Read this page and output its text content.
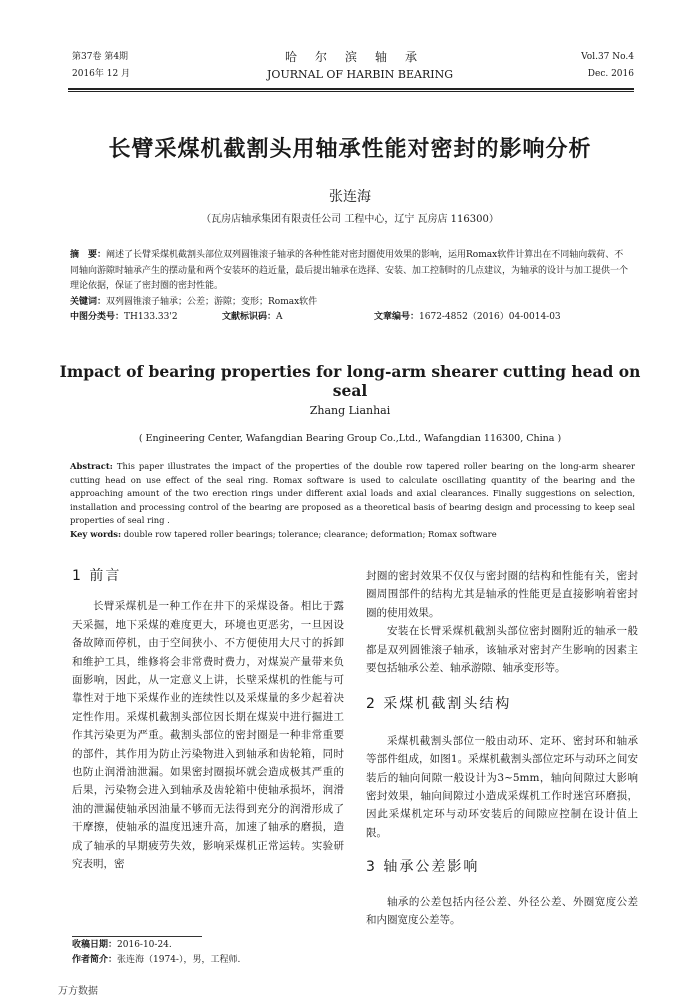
第37卷 第4期
2016年 12 月
哈尔滨轴承
JOURNAL OF HARBIN BEARING
Vol.37 No.4
Dec. 2016
长臂采煤机截割头用轴承性能对密封的影响分析
张连海
（瓦房店轴承集团有限责任公司 工程中心，辽宁 瓦房店 116300）
摘　要：阐述了长臂采煤机截割头部位双列圆锥滚子轴承的各种性能对密封圈使用效果的影响，运用Romax软件计算出在不同轴向载荷、不同轴向游隙时轴承产生的摆动量和两个安装环的趋近量，最后提出轴承在选择、安装、加工控制时的几点建议，为轴承的设计与加工提供一个理论依据，保证了密封圈的密封性能。
关键词：双列圆锥滚子轴承；公差；游隙；变形；Romax软件
中图分类号：TH133.33'2	文献标识码：A	文章编号：1672-4852（2016）04-0014-03
Impact of bearing properties for long-arm shearer cutting head on seal
Zhang Lianhai
( Engineering Center, Wafangdian Bearing Group Co.,Ltd., Wafangdian 116300, China )
Abstract: This paper illustrates the impact of the properties of the double row tapered roller bearing on the long-arm shearer cutting head on use effect of the seal ring. Romax software is used to calculate oscillating quantity of the bearing and the approaching amount of the two erection rings under different axial loads and axial clearances. Finally suggestions on selection, installation and processing control of the bearing are proposed as a theoretical basis of bearing design and processing to keep seal properties of seal ring .
Key words: double row tapered roller bearings; tolerance; clearance; deformation; Romax software
1 前言

长臂采煤机是一种工作在井下的采煤设备。相比于露天采掘，地下采煤的难度更大，环境也更恶劣，一旦因设备故障而停机，由于空间狭小、不方便使用大尺寸的拆卸和维护工具，维修将会非常费时费力，对煤炭产量带来负面影响，因此，从一定意义上讲，长壁采煤机的性能与可靠性对于地下采煤作业的连续性以及采煤量的多少起着决定性作用。采煤机截割头部位因长期在煤炭中进行掘进工作其污染更为严重。截割头部位的密封圈是一种非常重要的部件，其作用为防止污染物进入到轴承和齿轮箱，同时也防止润滑油泄漏。如果密封圈损坏就会造成极其严重的后果，污染物会进入到轴承及齿轮箱中使轴承损坏，润滑油的泄漏使轴承因油量不够而无法得到充分的润滑形成了干摩擦，使轴承的温度迅速升高，加速了轴承的磨损，造成了轴承的早期疲劳失效，影响采煤机正常运转。实验研究表明，密

封圈的密封效果不仅仅与密封圈的结构和性能有关，密封圈周围部件的结构尤其是轴承的性能更是直接影响着密封圈的使用效果。

安装在长臂采煤机截割头部位密封圈附近的轴承一般都是双列圆锥滚子轴承，该轴承对密封产生影响的因素主要包括轴承公差、轴承游隙、轴承变形等。

2 采煤机截割头结构

采煤机截割头部位一般由动环、定环、密封环和轴承等部件组成，如图1。采煤机截割头部位定环与动环之间安装后的轴向间隙一般设计为3~5mm，轴向间隙过大影响密封效果，轴向间隙过小造成采煤机工作时迷宫环磨损，因此采煤机定环与动环安装后的间隙应控制在设计值上限。

3 轴承公差影响

轴承的公差包括内径公差、外径公差、外圈宽度公差和内圈宽度公差等。

收稿日期：2016-10-24.
作者简介：张连海（1974-），男，工程师.
万方数据
